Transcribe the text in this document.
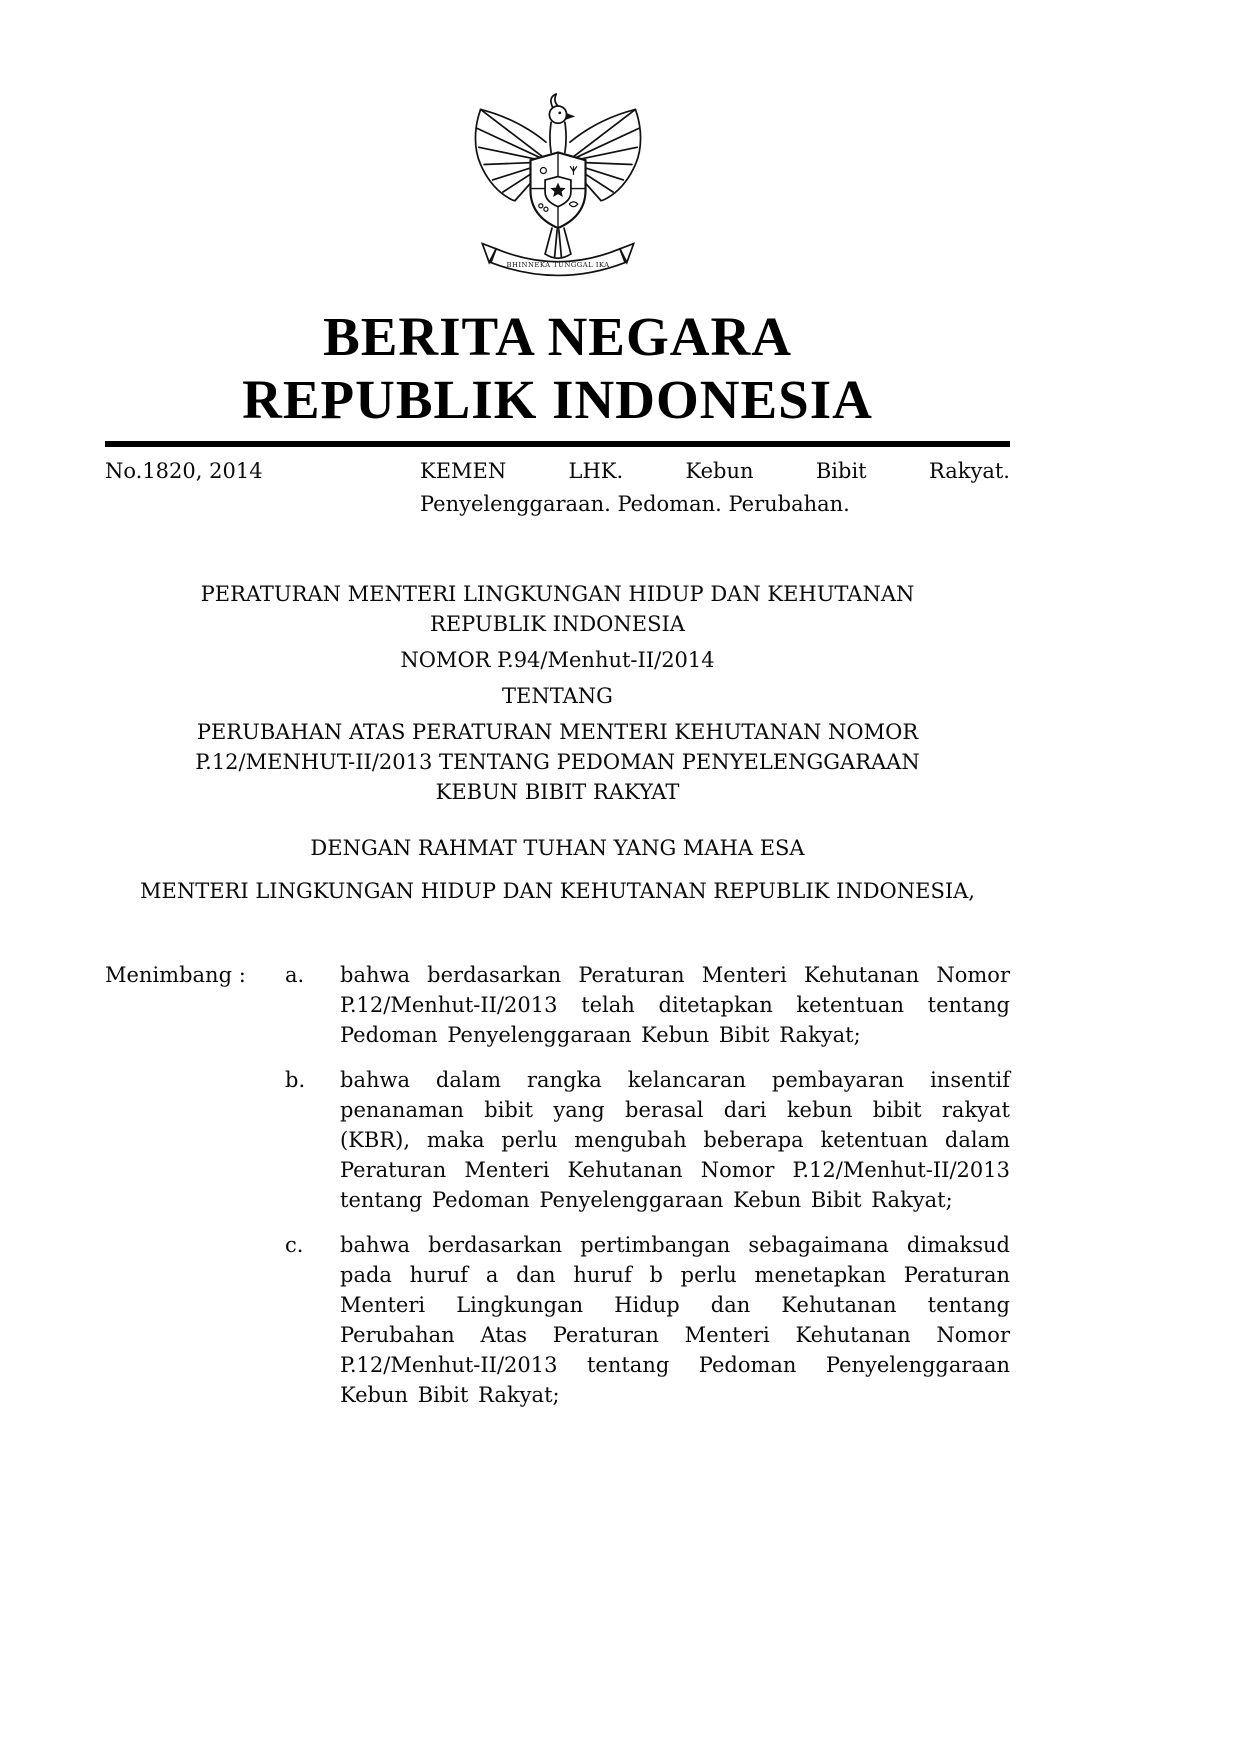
BHINNEKA TUNGGAL IKA
BERITA NEGARA
REPUBLIK INDONESIA
No.1820, 2014	KEMEN LHK. Kebun Bibit Rakyat.
Penyelenggaraan. Pedoman. Perubahan.
PERATURAN MENTERI LINGKUNGAN HIDUP DAN KEHUTANAN
REPUBLIK INDONESIA
NOMOR P.94/Menhut-II/2014
TENTANG
PERUBAHAN ATAS PERATURAN MENTERI KEHUTANAN NOMOR
P.12/MENHUT-II/2013 TENTANG PEDOMAN PENYELENGGARAAN
KEBUN BIBIT RAKYAT
DENGAN RAHMAT TUHAN YANG MAHA ESA
MENTERI LINGKUNGAN HIDUP DAN KEHUTANAN REPUBLIK INDONESIA,
Menimbang :	a.	bahwa berdasarkan Peraturan Menteri Kehutanan Nomor P.12/Menhut-II/2013 telah ditetapkan ketentuan tentang Pedoman Penyelenggaraan Kebun Bibit Rakyat;
b.	bahwa dalam rangka kelancaran pembayaran insentif penanaman bibit yang berasal dari kebun bibit rakyat (KBR), maka perlu mengubah beberapa ketentuan dalam Peraturan Menteri Kehutanan Nomor P.12/Menhut-II/2013 tentang Pedoman Penyelenggaraan Kebun Bibit Rakyat;
c.	bahwa berdasarkan pertimbangan sebagaimana dimaksud pada huruf a dan huruf b perlu menetapkan Peraturan Menteri Lingkungan Hidup dan Kehutanan tentang Perubahan Atas Peraturan Menteri Kehutanan Nomor P.12/Menhut-II/2013 tentang Pedoman Penyelenggaraan Kebun Bibit Rakyat;
